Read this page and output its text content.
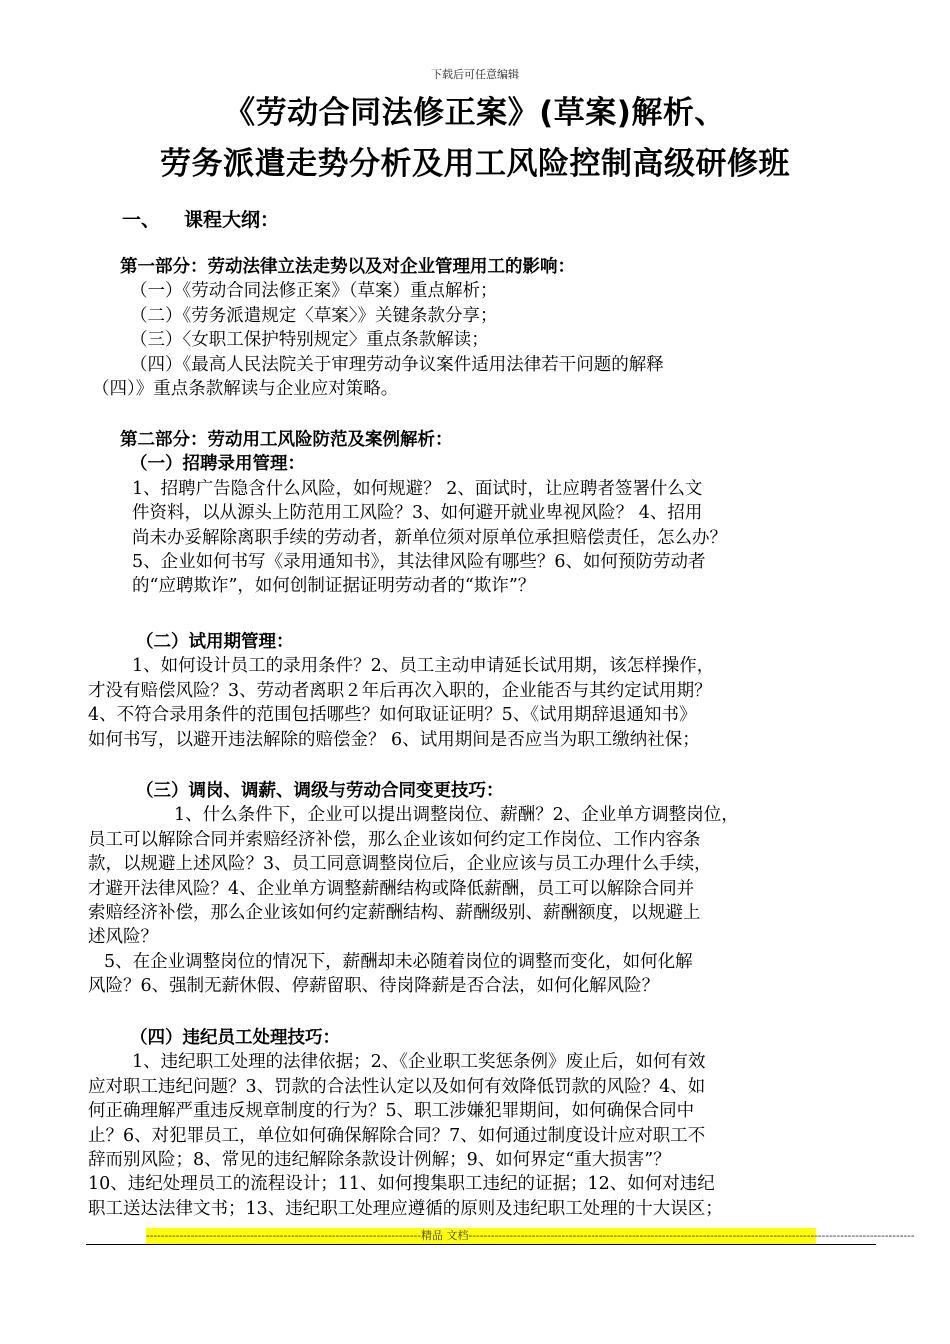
下载后可任意编辑
《劳动合同法修正案》(草案)解析、
劳务派遣走势分析及用工风险控制高级研修班
一、 课程大纲：
第一部分：劳动法律立法走势以及对企业管理用工的影响：
（一）《劳动合同法修正案》（草案）重点解析；
（二）《劳务派遣规定〈草案〉》关键条款分享；
（三）〈女职工保护特别规定〉重点条款解读；
（四）《最高人民法院关于审理劳动争议案件适用法律若干问题的解释
（四）》重点条款解读与企业应对策略。
第二部分：劳动用工风险防范及案例解析：
（一）招聘录用管理：
1、招聘广告隐含什么风险，如何规避？ 2、面试时，让应聘者签署什么文
件资料，以从源头上防范用工风险？3、如何避开就业卑视风险？ 4、招用
尚未办妥解除离职手续的劳动者，新单位须对原单位承担赔偿责任，怎么办？
5、企业如何书写《录用通知书》，其法律风险有哪些？6、如何预防劳动者
的“应聘欺诈”，如何创制证据证明劳动者的“欺诈”？
（二）试用期管理：
1、如何设计员工的录用条件？2、员工主动申请延长试用期，该怎样操作，
才没有赔偿风险？3、劳动者离职２年后再次入职的，企业能否与其约定试用期？
4、不符合录用条件的范围包括哪些？如何取证证明？5、《试用期辞退通知书》
如何书写，以避开违法解除的赔偿金？ 6、试用期间是否应当为职工缴纳社保；
（三）调岗、调薪、调级与劳动合同变更技巧：
1、什么条件下，企业可以提出调整岗位、薪酬？2、企业单方调整岗位，
员工可以解除合同并索赔经济补偿，那么企业该如何约定工作岗位、工作内容条
款，以规避上述风险？3、员工同意调整岗位后，企业应该与员工办理什么手续，
才避开法律风险？4、企业单方调整薪酬结构或降低薪酬，员工可以解除合同并
索赔经济补偿，那么企业该如何约定薪酬结构、薪酬级别、薪酬额度，以规避上
述风险？
5、在企业调整岗位的情况下，薪酬却未必随着岗位的调整而变化，如何化解
风险？6、强制无薪休假、停薪留职、待岗降薪是否合法，如何化解风险？
（四）违纪员工处理技巧：
1、违纪职工处理的法律依据；2、《企业职工奖惩条例》废止后，如何有效
应对职工违纪问题？3、罚款的合法性认定以及如何有效降低罚款的风险？4、如
何正确理解严重违反规章制度的行为？5、职工涉嫌犯罪期间，如何确保合同中
止？6、对犯罪员工，单位如何确保解除合同？7、如何通过制度设计应对职工不
辞而别风险；8、常见的违纪解除条款设计例解；9、如何界定“重大损害”？
10、违纪处理员工的流程设计；11、如何搜集职工违纪的证据；12、如何对违纪
职工送达法律文书；13、违纪职工处理应遵循的原则及违纪职工处理的十大误区；
--------------------------------------------------------------------------精品 文档------------------------------------------------------------------------------------------------------------------------
